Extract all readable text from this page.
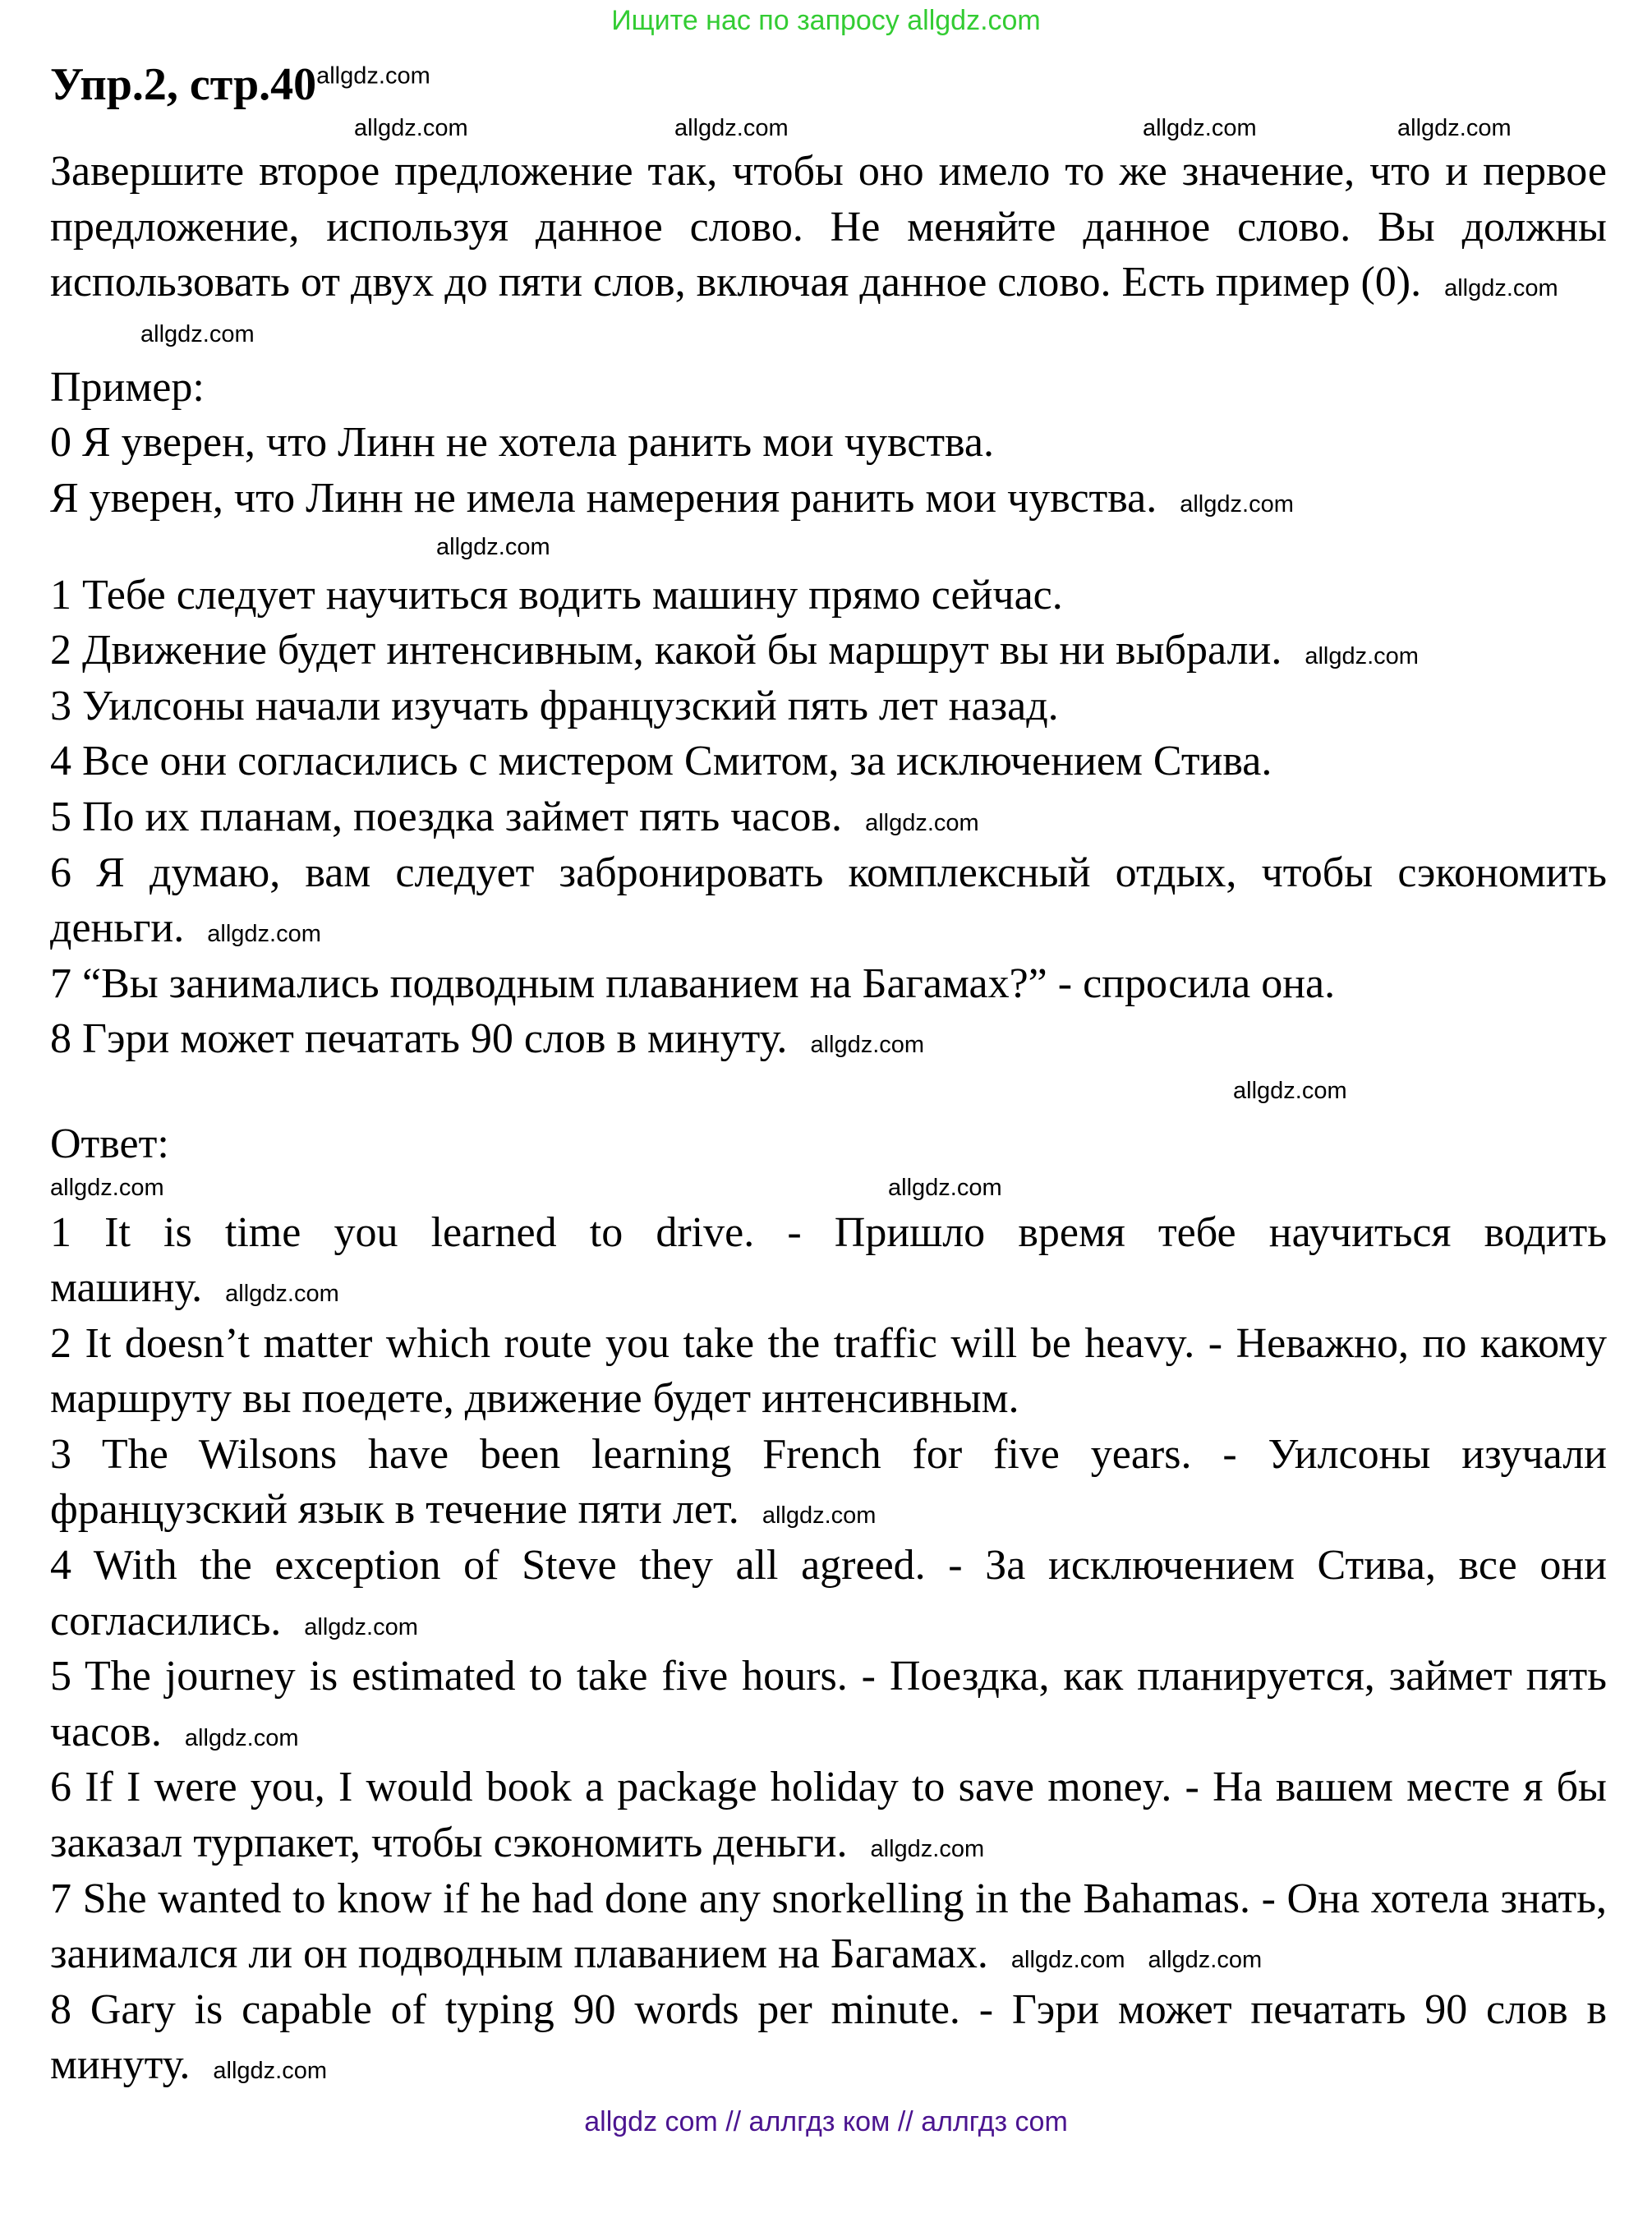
Ищите нас по запросу allgdz.com
Упр.2, $стр.40^{allgdz.com}$
allgdz.com	allgdz.com	allgdz.com	allgdz.com

Завершите второе предложение так, чтобы оно имело то же значение, что и первое предложение, используя данное слово. Не меняйте данное слово. Вы должны использовать от двух до пяти слов, включая данное слово. Есть пример (0). allgdz.com

allgdz.com

Пример:

0 Я уверен, что Линн не хотела ранить мои чувства.

Я уверен, что Линн не имела намерения ранить мои чувства. allgdz.com

allgdz.com

1 Тебе следует научиться водить машину прямо сейчас.

2 Движение будет интенсивным, какой бы маршрут вы ни выбрали. allgdz.com

3 Уилсоны начали изучать французский пять лет назад.

4 Все они согласились с мистером Смитом, за исключением Стива.

5 По их планам, поездка займет пять часов. allgdz.com

6 Я думаю, вам следует забронировать комплексный отдых, чтобы сэкономить деньги. allgdz.com

7 “Вы занимались подводным плаванием на Багамах?” - спросила она.

8 Гэри может печатать 90 слов в минуту. allgdz.com

allgdz.com
Ответ:
allgdz.com	allgdz.com

1 It is time you learned to drive. - Пришло время тебе научиться водить машину. allgdz.com

2 It doesn’t matter which route you take the traffic will be heavy. - Неважно, по какому маршруту вы поедете, движение будет интенсивным.

3 The Wilsons have been learning French for five years. - Уилсоны изучали французский язык в течение пяти лет. allgdz.com

4 With the exception of Steve they all agreed. - За исключением Стива, все они согласились. allgdz.com

5 The journey is estimated to take five hours. - Поездка, как планируется, займет пять часов. allgdz.com

6 If I were you, I would book a package holiday to save money. - На вашем месте я бы заказал турпакет, чтобы сэкономить деньги. allgdz.com

7 She wanted to know if he had done any snorkelling in the Bahamas. - Она хотела знать, занимался ли он подводным плаванием на Багамах. allgdz.com allgdz.com

8 Gary is capable of typing 90 words per minute. - Гэри может печатать 90 слов в минуту. allgdz.com

allgdz com // аллгдз ком // аллгдз com
